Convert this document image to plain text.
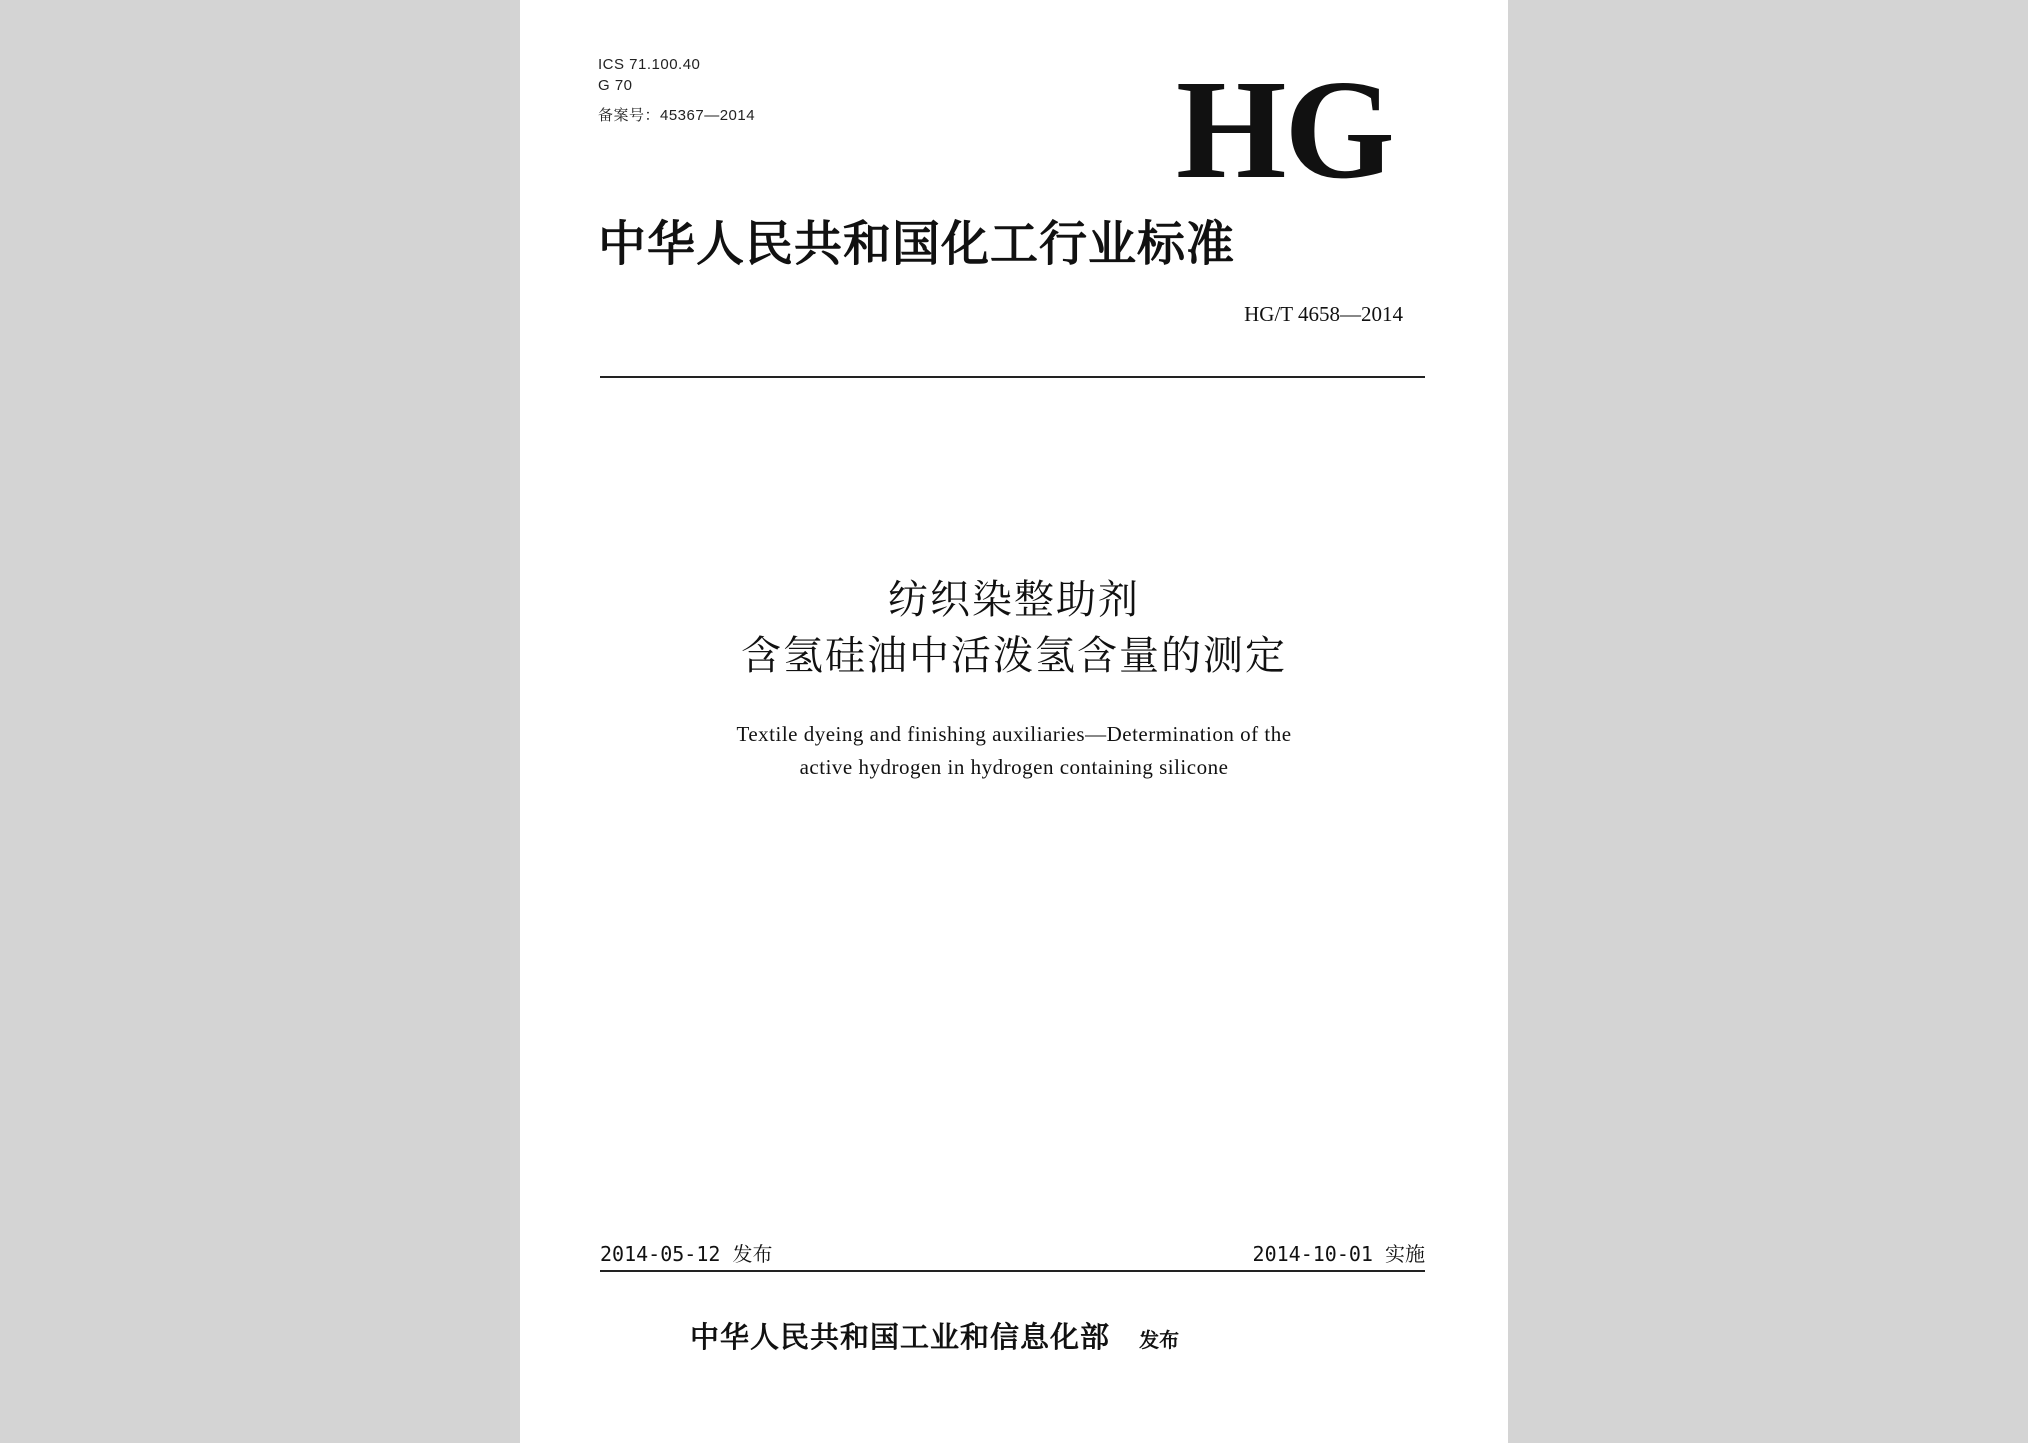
ICS 71.100.40
G 70
备案号：45367—2014	HG
中华人民共和国化工行业标准
HG/T 4658—2014
纺织染整助剂
含氢硅油中活泼氢含量的测定
Textile dyeing and finishing auxiliaries—Determination of the
active hydrogen in hydrogen containing silicone
2014-05-12 发布	2014-10-01 实施
中华人民共和国工业和信息化部 发布
